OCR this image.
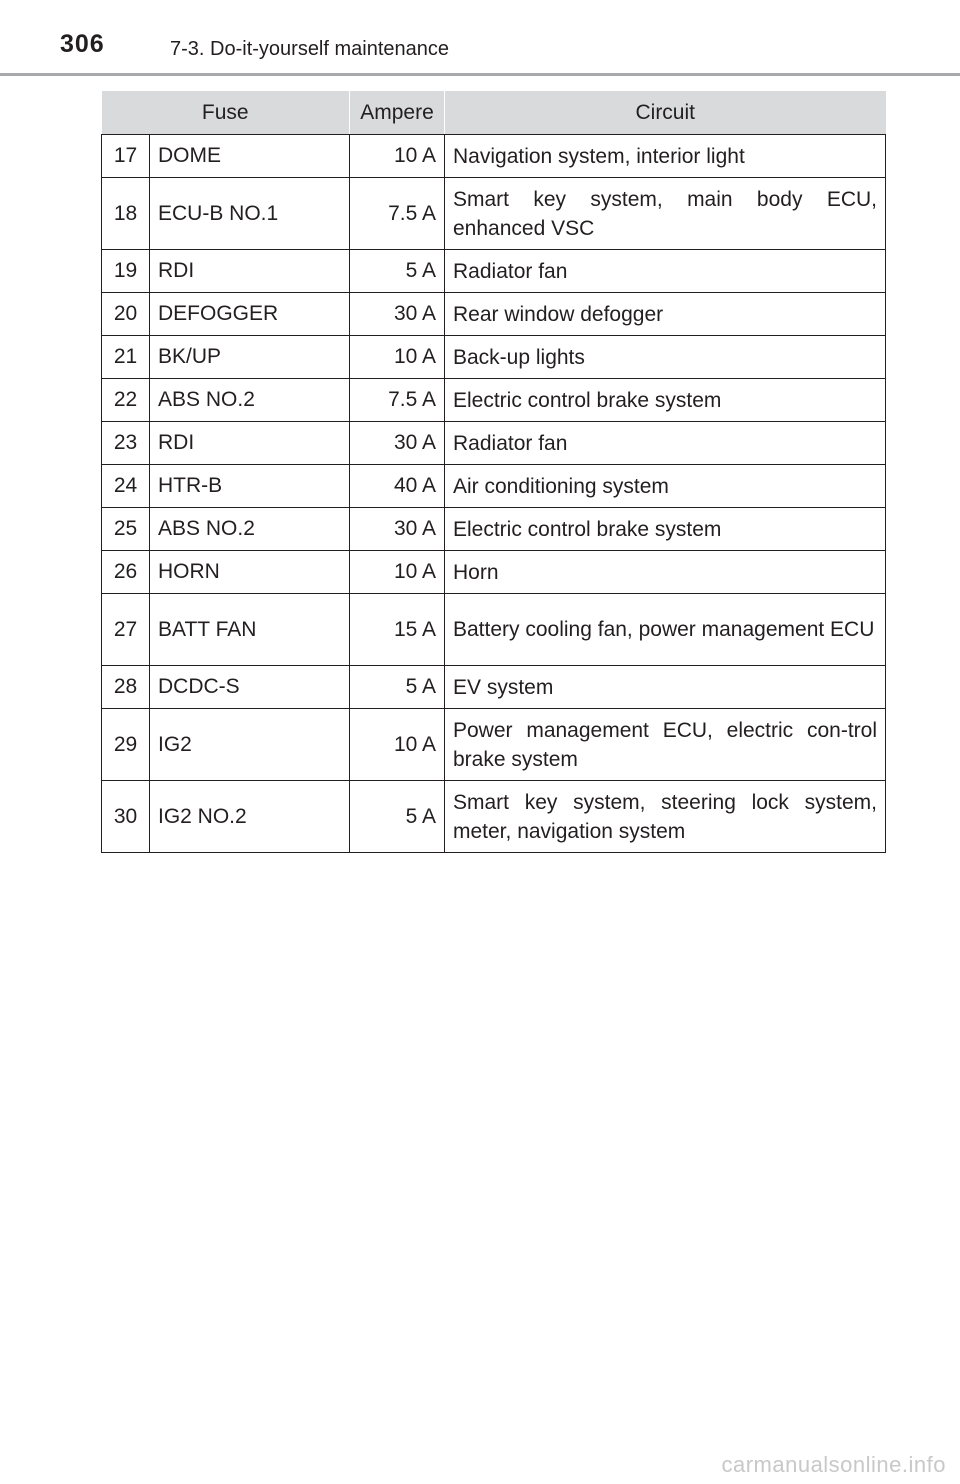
306	7-3. Do-it-yourself maintenance
Fuse		Ampere	Circuit
17	DOME	10 A	Navigation system, interior light
18	ECU-B NO.1	7.5 A	Smart key system, main body ECU, enhanced VSC
19	RDI	5 A	Radiator fan
20	DEFOGGER	30 A	Rear window defogger
21	BK/UP	10 A	Back-up lights
22	ABS NO.2	7.5 A	Electric control brake system
23	RDI	30 A	Radiator fan
24	HTR-B	40 A	Air conditioning system
25	ABS NO.2	30 A	Electric control brake system
26	HORN	10 A	Horn
27	BATT FAN	15 A	Battery cooling fan, power management ECU
28	DCDC-S	5 A	EV system
29	IG2	10 A	Power management ECU, electric con-trol brake system
30	IG2 NO.2	5 A	Smart key system, steering lock system, meter, navigation system
carmanualsonline.info
